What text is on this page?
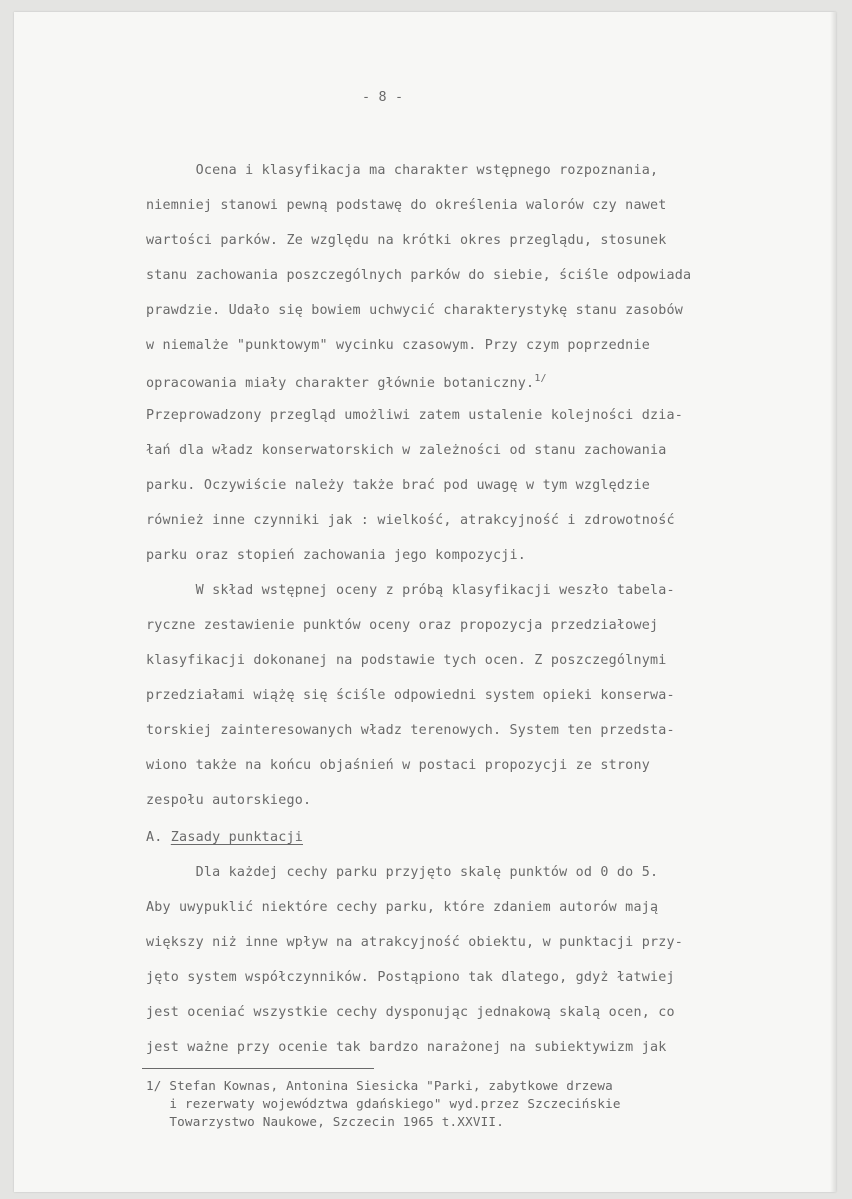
- 8 -
Ocena i klasyfikacja ma charakter wstępnego rozpoznania,
niemniej stanowi pewną podstawę do określenia walorów czy nawet
wartości parków. Ze względu na krótki okres przeglądu, stosunek
stanu zachowania poszczególnych parków do siebie, ściśle odpowiada
prawdzie. Udało się bowiem uchwycić charakterystykę stanu zasobów
w niemalże "punktowym" wycinku czasowym. Przy czym poprzednie
opracowania miały charakter głównie botaniczny.$^{1/}$
Przeprowadzony przegląd umożliwi zatem ustalenie kolejności dzia-
łań dla władz konserwatorskich w zależności od stanu zachowania
parku. Oczywiście należy także brać pod uwagę w tym względzie
również inne czynniki jak : wielkość, atrakcyjność i zdrowotność
parku oraz stopień zachowania jego kompozycji.
W skład wstępnej oceny z próbą klasyfikacji weszło tabela-
ryczne zestawienie punktów oceny oraz propozycja przedziałowej
klasyfikacji dokonanej na podstawie tych ocen. Z poszczególnymi
przedziałami wiążę się ściśle odpowiedni system opieki konserwa-
torskiej zainteresowanych władz terenowych. System ten przedsta-
wiono także na końcu objaśnień w postaci propozycji ze strony
zespołu autorskiego.
A. Zasady punktacji
Dla każdej cechy parku przyjęto skalę punktów od 0 do 5.
Aby uwypuklić niektóre cechy parku, które zdaniem autorów mają
większy niż inne wpływ na atrakcyjność obiektu, w punktacji przy-
jęto system współczynników. Postąpiono tak dlatego, gdyż łatwiej
jest oceniać wszystkie cechy dysponując jednakową skalą ocen, co
jest ważne przy ocenie tak bardzo narażonej na subiektywizm jak
1/ Stefan Kownas, Antonina Siesicka "Parki, zabytkowe drzewa
i rezerwaty województwa gdańskiego" wyd.przez Szczecińskie
Towarzystwo Naukowe, Szczecin 1965 t.XXVII.
